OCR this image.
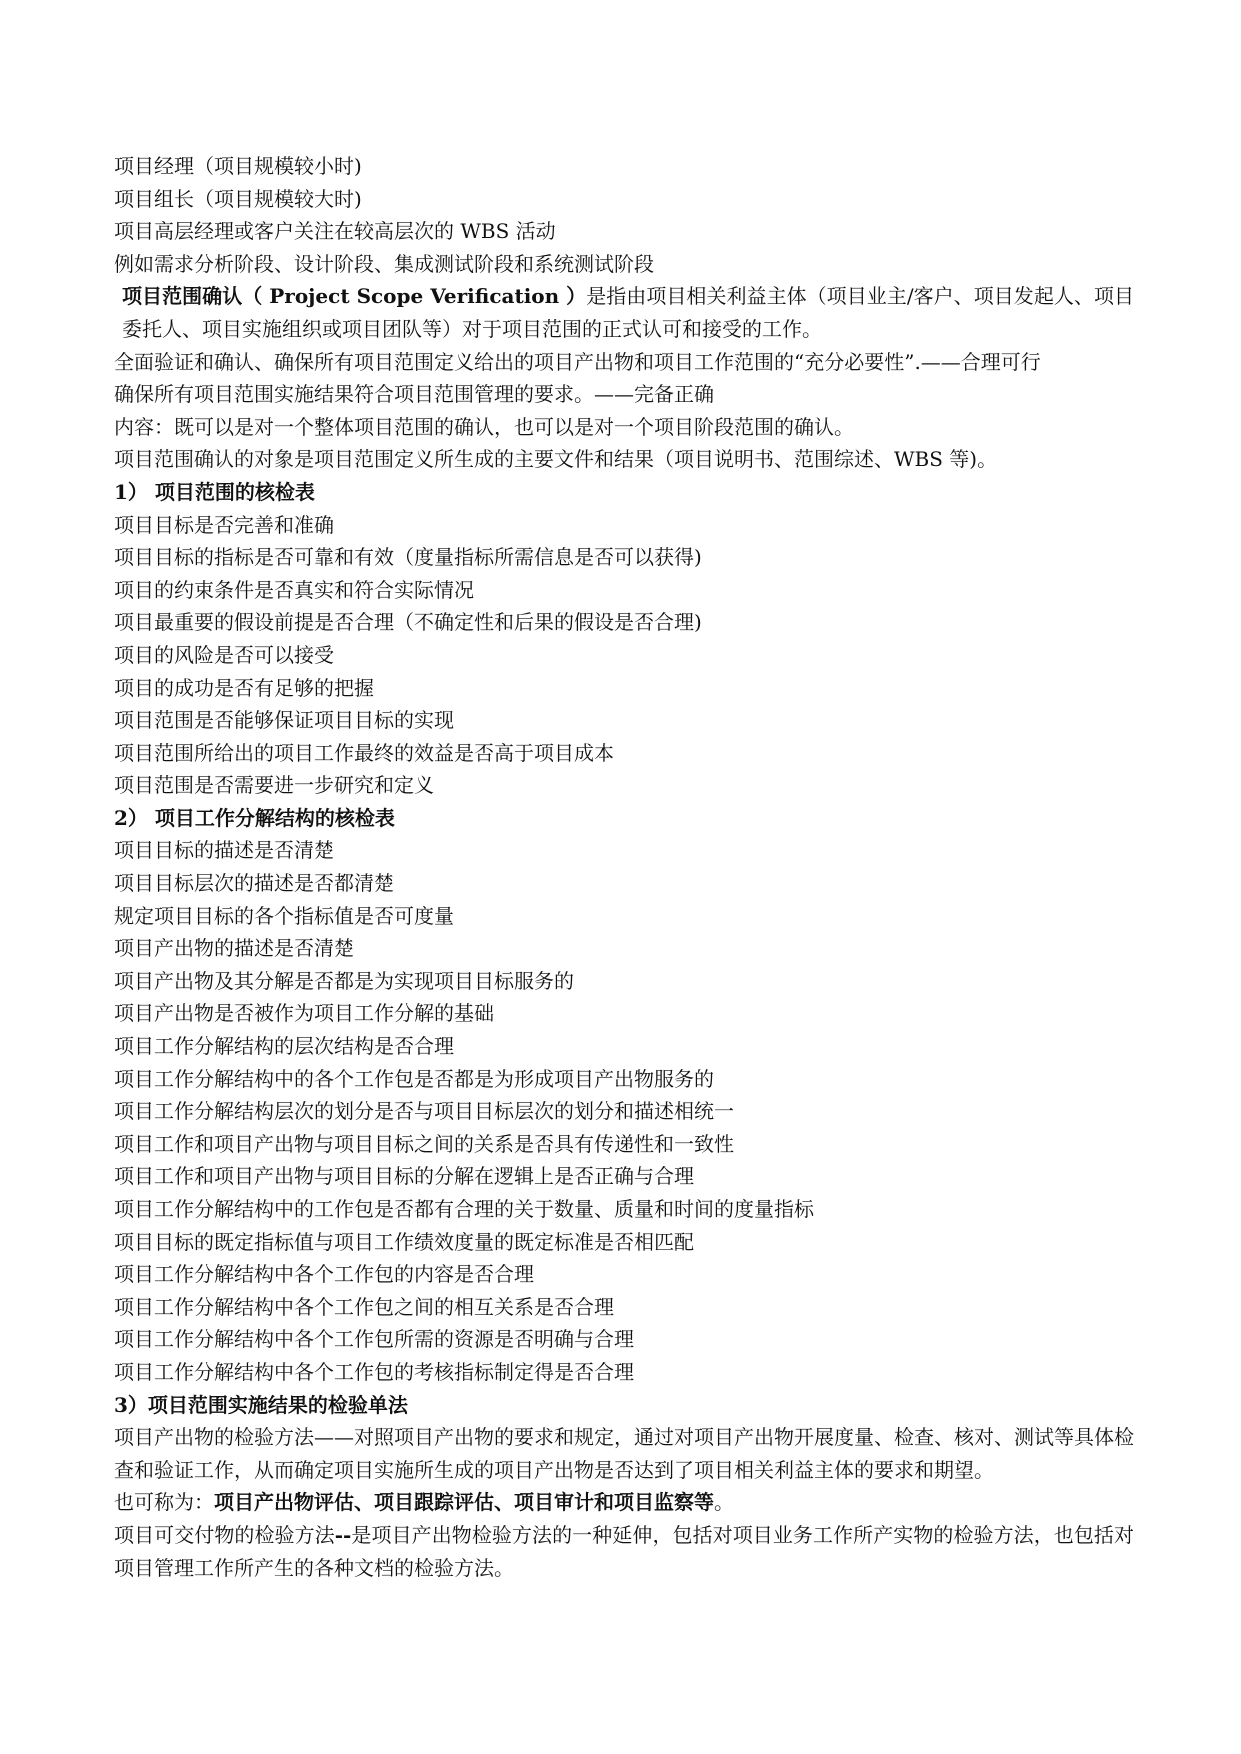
项目经理（项目规模较小时)

项目组长（项目规模较大时)

项目高层经理或客户关注在较高层次的 WBS 活动

例如需求分析阶段、设计阶段、集成测试阶段和系统测试阶段

项目范围确认（ Project Scope Verification ）是指由项目相关利益主体（项目业主/客户、项目发起人、项目委托人、项目实施组织或项目团队等）对于项目范围的正式认可和接受的工作。

全面验证和确认、确保所有项目范围定义给出的项目产出物和项目工作范围的“充分必要性”.——合理可行

确保所有项目范围实施结果符合项目范围管理的要求。——完备正确

内容：既可以是对一个整体项目范围的确认，也可以是对一个项目阶段范围的确认。

项目范围确认的对象是项目范围定义所生成的主要文件和结果（项目说明书、范围综述、WBS 等)。

1） 项目范围的核检表

项目目标是否完善和准确

项目目标的指标是否可靠和有效（度量指标所需信息是否可以获得)

项目的约束条件是否真实和符合实际情况

项目最重要的假设前提是否合理（不确定性和后果的假设是否合理)

项目的风险是否可以接受

项目的成功是否有足够的把握

项目范围是否能够保证项目目标的实现

项目范围所给出的项目工作最终的效益是否高于项目成本

项目范围是否需要进一步研究和定义

2） 项目工作分解结构的核检表

项目目标的描述是否清楚

项目目标层次的描述是否都清楚

规定项目目标的各个指标值是否可度量

项目产出物的描述是否清楚

项目产出物及其分解是否都是为实现项目目标服务的

项目产出物是否被作为项目工作分解的基础

项目工作分解结构的层次结构是否合理

项目工作分解结构中的各个工作包是否都是为形成项目产出物服务的

项目工作分解结构层次的划分是否与项目目标层次的划分和描述相统一

项目工作和项目产出物与项目目标之间的关系是否具有传递性和一致性

项目工作和项目产出物与项目目标的分解在逻辑上是否正确与合理

项目工作分解结构中的工作包是否都有合理的关于数量、质量和时间的度量指标

项目目标的既定指标值与项目工作绩效度量的既定标准是否相匹配

项目工作分解结构中各个工作包的内容是否合理

项目工作分解结构中各个工作包之间的相互关系是否合理

项目工作分解结构中各个工作包所需的资源是否明确与合理

项目工作分解结构中各个工作包的考核指标制定得是否合理

3）项目范围实施结果的检验单法

项目产出物的检验方法——对照项目产出物的要求和规定，通过对项目产出物开展度量、检查、核对、测试等具体检查和验证工作，从而确定项目实施所生成的项目产出物是否达到了项目相关利益主体的要求和期望。

也可称为：项目产出物评估、项目跟踪评估、项目审计和项目监察等。

项目可交付物的检验方法--是项目产出物检验方法的一种延伸，包括对项目业务工作所产实物的检验方法，也包括对项目管理工作所产生的各种文档的检验方法。
